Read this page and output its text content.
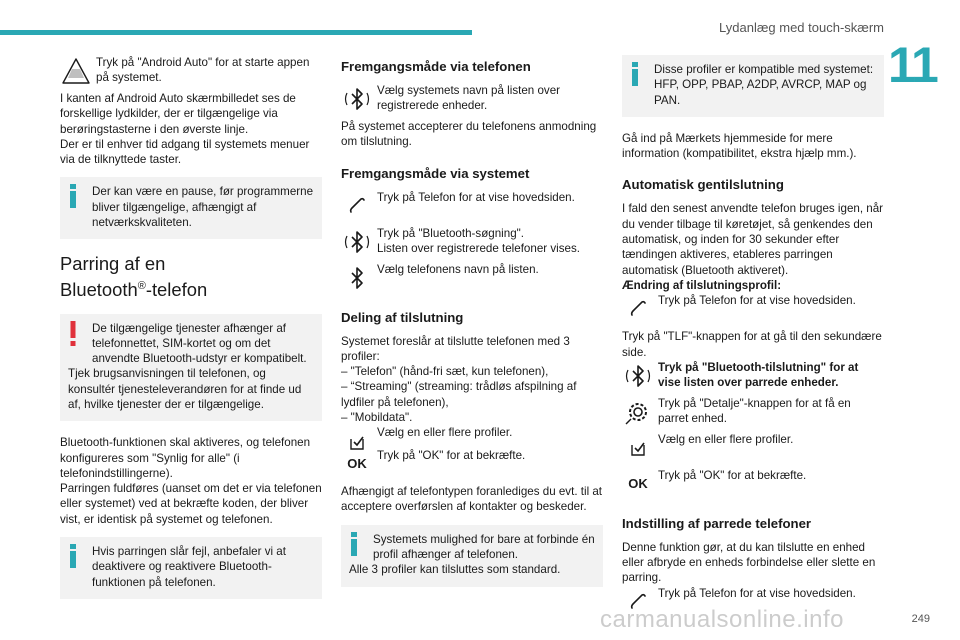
Lydanlæg med touch-skærm
11
249
carmanualsonline.info

Tryk på "Android Auto" for at starte appen på systemet.

I kanten af Android Auto skærmbilledet ses de forskellige lydkilder, der er tilgængelige via berøringstasterne i den øverste linje.

Der er til enhver tid adgang til systemets menuer via de tilknyttede taster.

Der kan være en pause, før programmerne bliver tilgængelige, afhængigt af netværkskvaliteten.

Parring af en
Bluetooth®-telefon

De tilgængelige tjenester afhænger af telefonnettet, SIM-kortet og om det anvendte Bluetooth-udstyr er kompatibelt.

Tjek brugsanvisningen til telefonen, og konsultér tjenesteleverandøren for at finde ud af, hvilke tjenester der er tilgængelige.

Bluetooth-funktionen skal aktiveres, og telefonen konfigureres som "Synlig for alle" (i telefonindstillingerne).

Parringen fuldføres (uanset om det er via telefonen eller systemet) ved at bekræfte koden, der bliver vist, er identisk på systemet og telefonen.

Hvis parringen slår fejl, anbefaler vi at deaktivere og reaktivere Bluetooth-funktionen på telefonen.

Fremgangsmåde via telefonen

Vælg systemets navn på listen over registrerede enheder.

På systemet accepterer du telefonens anmodning om tilslutning.

Fremgangsmåde via systemet

Tryk på Telefon for at vise hovedsiden.

Tryk på "Bluetooth-søgning".

Listen over registrerede telefoner vises.

Vælg telefonens navn på listen.

Deling af tilslutning

Systemet foreslår at tilslutte telefonen med 3 profiler:

– "Telefon" (hånd-fri sæt, kun telefonen),

– “Streaming" (streaming: trådløs afspilning af lydfiler på telefonen),

– "Mobildata".

Vælg en eller flere profiler.

OK

Tryk på "OK" for at bekræfte.

Afhængigt af telefontypen foranlediges du evt. til at acceptere overførslen af kontakter og beskeder.

Systemets mulighed for bare at forbinde én profil afhænger af telefonen.

Alle 3 profiler kan tilsluttes som standard.

Disse profiler er kompatible med systemet: HFP, OPP, PBAP, A2DP, AVRCP, MAP og PAN.

Gå ind på Mærkets hjemmeside for mere information (kompatibilitet, ekstra hjælp mm.).

Automatisk gentilslutning

I fald den senest anvendte telefon bruges igen, når du vender tilbage til køretøjet, så genkendes den automatisk, og inden for 30 sekunder efter tændingen aktiveres, etableres parringen automatisk (Bluetooth aktiveret).

Ændring af tilslutningsprofil:

Tryk på Telefon for at vise hovedsiden.

Tryk på "TLF"-knappen for at gå til den sekundære side.

Tryk på "Bluetooth-tilslutning" for at vise listen over parrede enheder.

Tryk på "Detalje"-knappen for at få en parret enhed.

Vælg en eller flere profiler.

OK

Tryk på "OK" for at bekræfte.

Indstilling af parrede telefoner

Denne funktion gør, at du kan tilslutte en enhed eller afbryde en enheds forbindelse eller slette en parring.

Tryk på Telefon for at vise hovedsiden.
